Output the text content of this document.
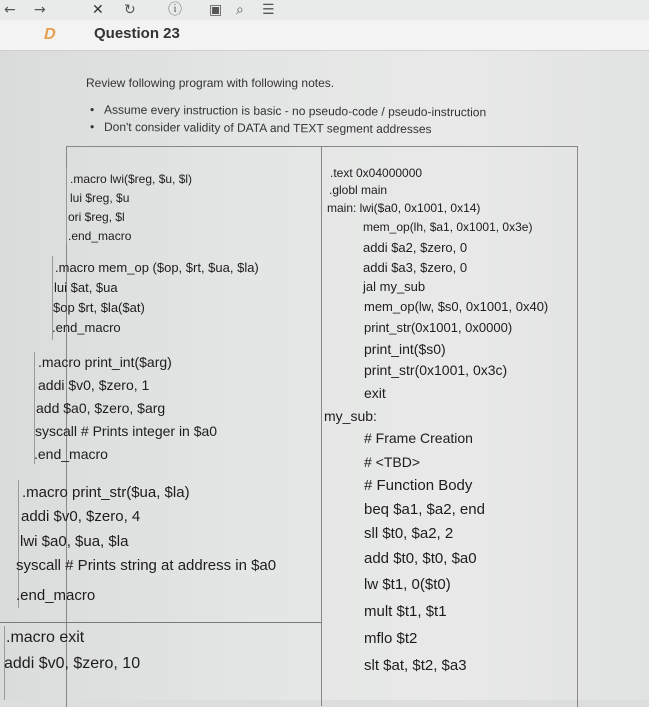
← →	✕ ↻ ⓘ ▣ ⌕ ☰
D Question 23
Review following program with following notes.
• Assume every instruction is basic - no pseudo-code / pseudo-instruction
• Don't consider validity of DATA and TEXT segment addresses
.macro lwi($reg, $u, $l)
lui $reg, $u
ori $reg, $l
.end_macro
.macro mem_op ($op, $rt, $ua, $la)
lui $at, $ua
$op $rt, $la($at)
.end_macro
.macro print_int($arg)
addi $v0, $zero, 1
add $a0, $zero, $arg
syscall # Prints integer in $a0
.end_macro
.macro print_str($ua, $la)
addi $v0, $zero, 4
lwi $a0, $ua, $la
syscall # Prints string at address in $a0
.end_macro
.macro exit
addi $v0, $zero, 10
.text 0x04000000
.globl main
main: lwi($a0, 0x1001, 0x14)
mem_op(lh, $a1, 0x1001, 0x3e)
addi $a2, $zero, 0
addi $a3, $zero, 0
jal my_sub
mem_op(lw, $s0, 0x1001, 0x40)
print_str(0x1001, 0x0000)
print_int($s0)
print_str(0x1001, 0x3c)
exit
my_sub:
# Frame Creation
# <TBD>
# Function Body
beq $a1, $a2, end
sll $t0, $a2, 2
add $t0, $t0, $a0
lw $t1, 0($t0)
mult $t1, $t1
mflo $t2
slt $at, $t2, $a3
